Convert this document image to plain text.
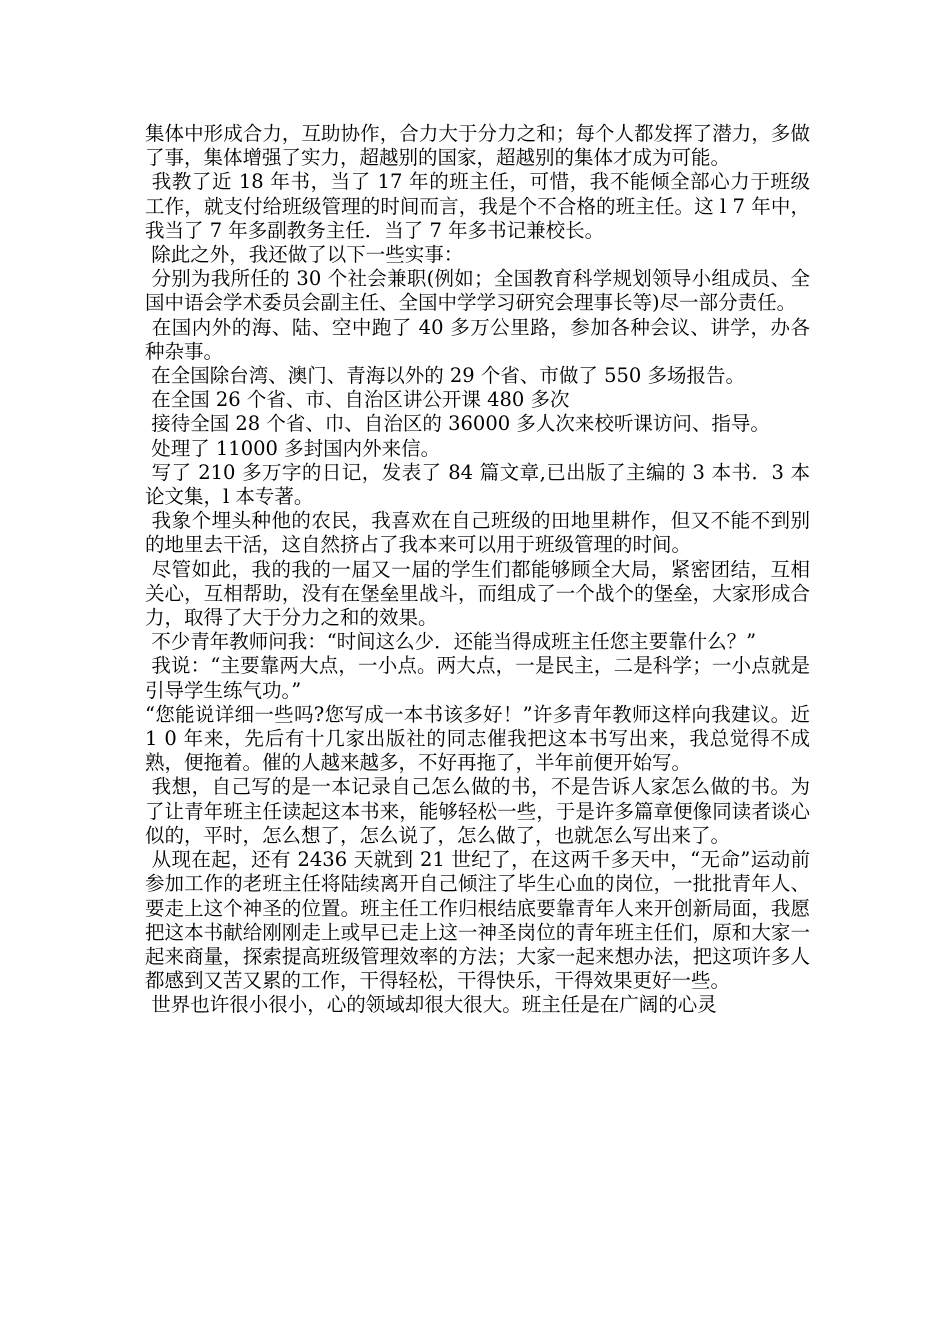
集体中形成合力，互助协作，合力大于分力之和；每个人都发挥了潜力，多做了事，集体增强了实力，超越别的国家，超越别的集体才成为可能。

我教了近 18 年书，当了 17 年的班主任，可惜，我不能倾全部心力于班级工作，就支付给班级管理的时间而言，我是个不合格的班主任。这 l 7 年中，我当了 7 年多副教务主任．当了 7 年多书记兼校长。

除此之外，我还做了以下一些实事：

分别为我所任的 30 个社会兼职(例如；全国教育科学规划领导小组成员、全国中语会学术委员会副主任、全国中学学习研究会理事长等)尽一部分责任。

在国内外的海、陆、空中跑了 40 多万公里路，参加各种会议、讲学，办各种杂事。

在全国除台湾、澳门、青海以外的 29 个省、市做了 550 多场报告。

在全国 26 个省、市、自治区讲公开课 480 多次

接待全国 28 个省、巾、自治区的 36000 多人次来校听课访问、指导。

处理了 11000 多封国内外来信。

写了 210 多万字的日记，发表了 84 篇文章,已出版了主编的 3 本书．3 本论文集，l 本专著。

我象个埋头种他的农民，我喜欢在自己班级的田地里耕作，但又不能不到别的地里去干活，这自然挤占了我本来可以用于班级管理的时间。

尽管如此，我的我的一届又一届的学生们都能够顾全大局，紧密团结，互相关心，互相帮助，没有在堡垒里战斗，而组成了一个战个的堡垒，大家形成合力，取得了大于分力之和的效果。

不少青年教师问我：“时间这么少．还能当得成班主任您主要靠什么？”

我说：“主要靠两大点，一小点。两大点，一是民主，二是科学；一小点就是引导学生练气功。”

“您能说详细一些吗?您写成一本书该多好！”许多青年教师这样向我建议。近 1 0 年来，先后有十几家出版社的同志催我把这本书写出来，我总觉得不成熟，便拖着。催的人越来越多，不好再拖了，半年前便开始写。

我想，自己写的是一本记录自己怎么做的书，不是告诉人家怎么做的书。为了让青年班主任读起这本书来，能够轻松一些，于是许多篇章便像同读者谈心似的，平时，怎么想了，怎么说了，怎么做了，也就怎么写出来了。

从现在起，还有 2436 天就到 21 世纪了，在这两千多天中，“无命”运动前参加工作的老班主任将陆续离开自己倾注了毕生心血的岗位，一批批青年人、要走上这个神圣的位置。班主任工作归根结底要靠青年人来开创新局面，我愿把这本书献给刚刚走上或早已走上这一神圣岗位的青年班主任们，原和大家一起来商量，探索提高班级管理效率的方法；大家一起来想办法，把这项许多人都感到又苦又累的工作，干得轻松，干得快乐，干得效果更好一些。

世界也许很小很小，心的领域却很大很大。班主任是在广阔的心灵
